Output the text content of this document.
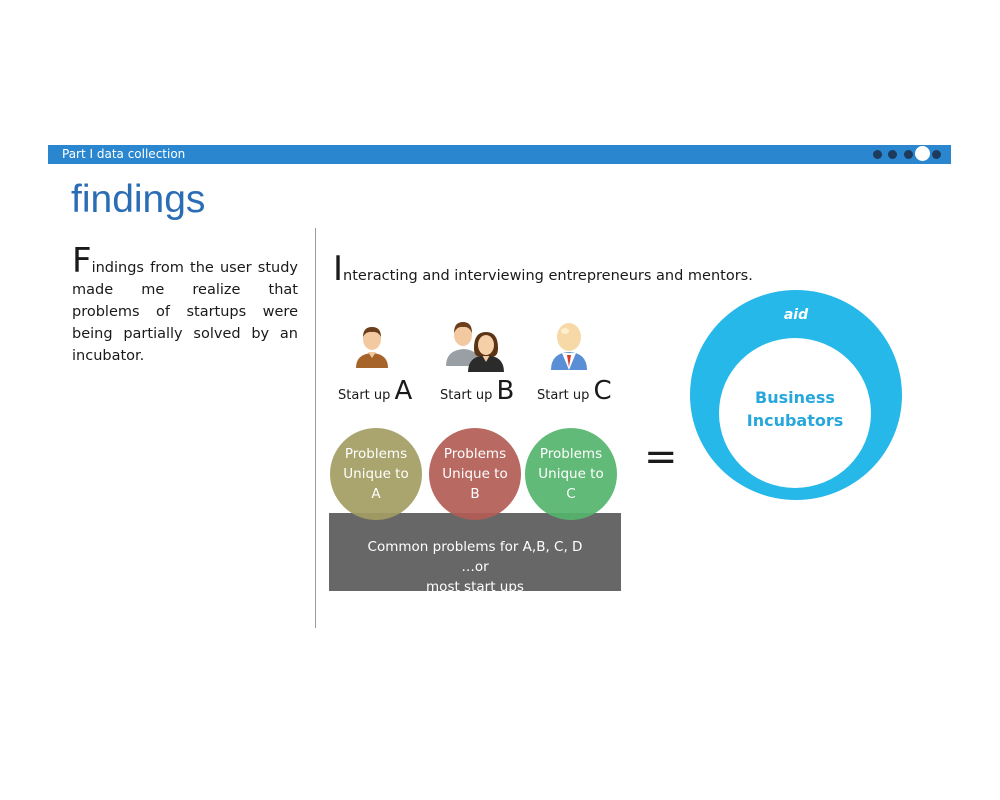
Part I data collection
findings
Findings from the user study made me realize that problems of startups were being partially solved by an incubator.
Interacting and interviewing entrepreneurs and mentors.
Start up A Start up B Start up C
Common problems for A,B, C, D …or
most start ups
Problems
Unique to
A
Problems
Unique to
B
Problems
Unique to
C
=
aid
Business
Incubators
